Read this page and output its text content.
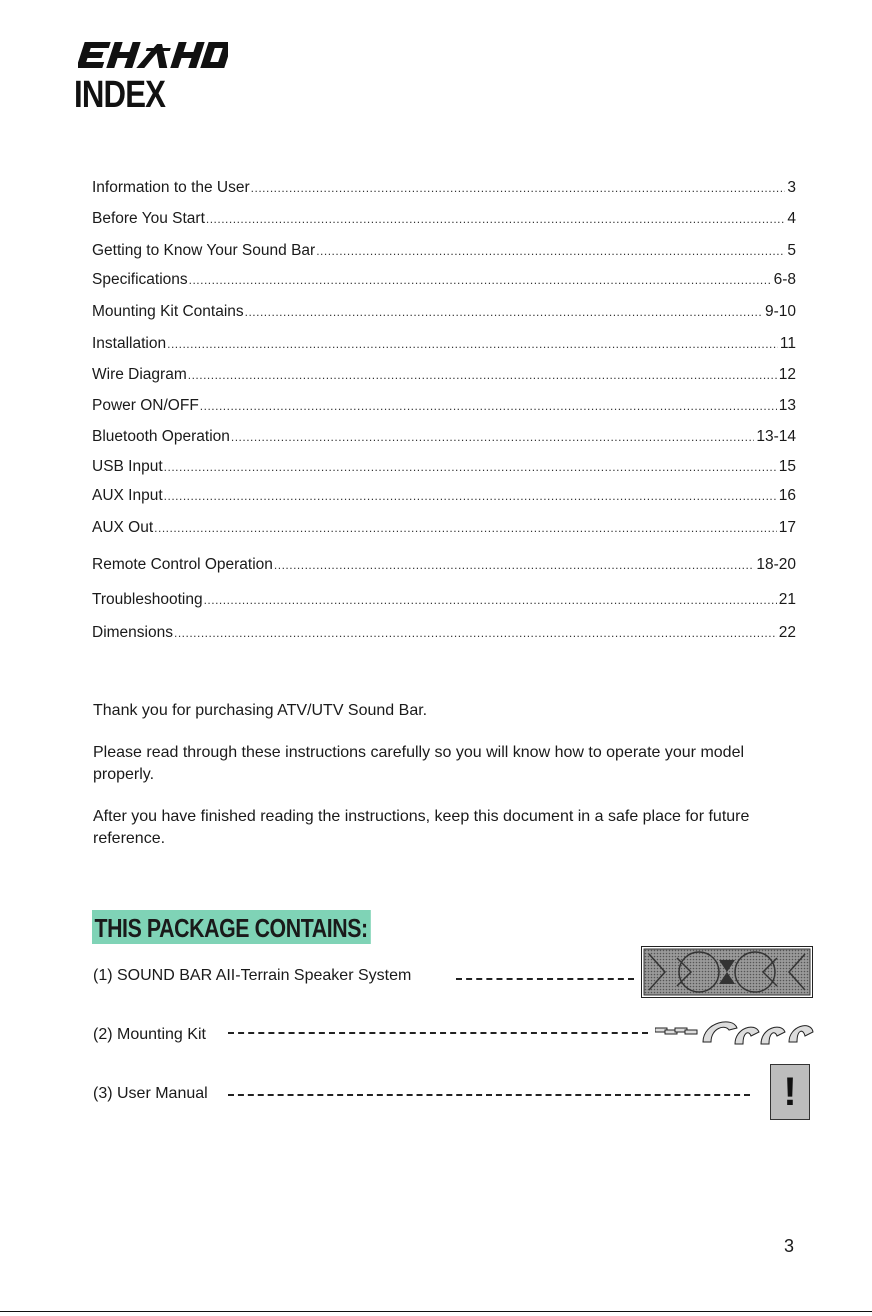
INDEX
Information to the User .....	3
Before You Start .....	4
Getting to Know Your Sound Bar .....	5
Specifications .....	6-8
Mounting Kit Contains .....	9-10
Installation .....	11
Wire Diagram .....	12
Power ON/OFF .....	13
Bluetooth Operation .....	13-14
USB Input .....	15
AUX Input .....	16
AUX Out .....	17
Remote Control Operation .....	18-20
Troubleshooting .....	21
Dimensions .....	22

Thank you for purchasing ATV/UTV Sound Bar.

Please read through these instructions carefully so you will know how to operate your model properly.

After you have finished reading the instructions, keep this document in a safe place for future reference.

THIS PACKAGE CONTAINS:
(1) SOUND BAR AII-Terrain Speaker System
(2) Mounting Kit
(3) User Manual	!
3
